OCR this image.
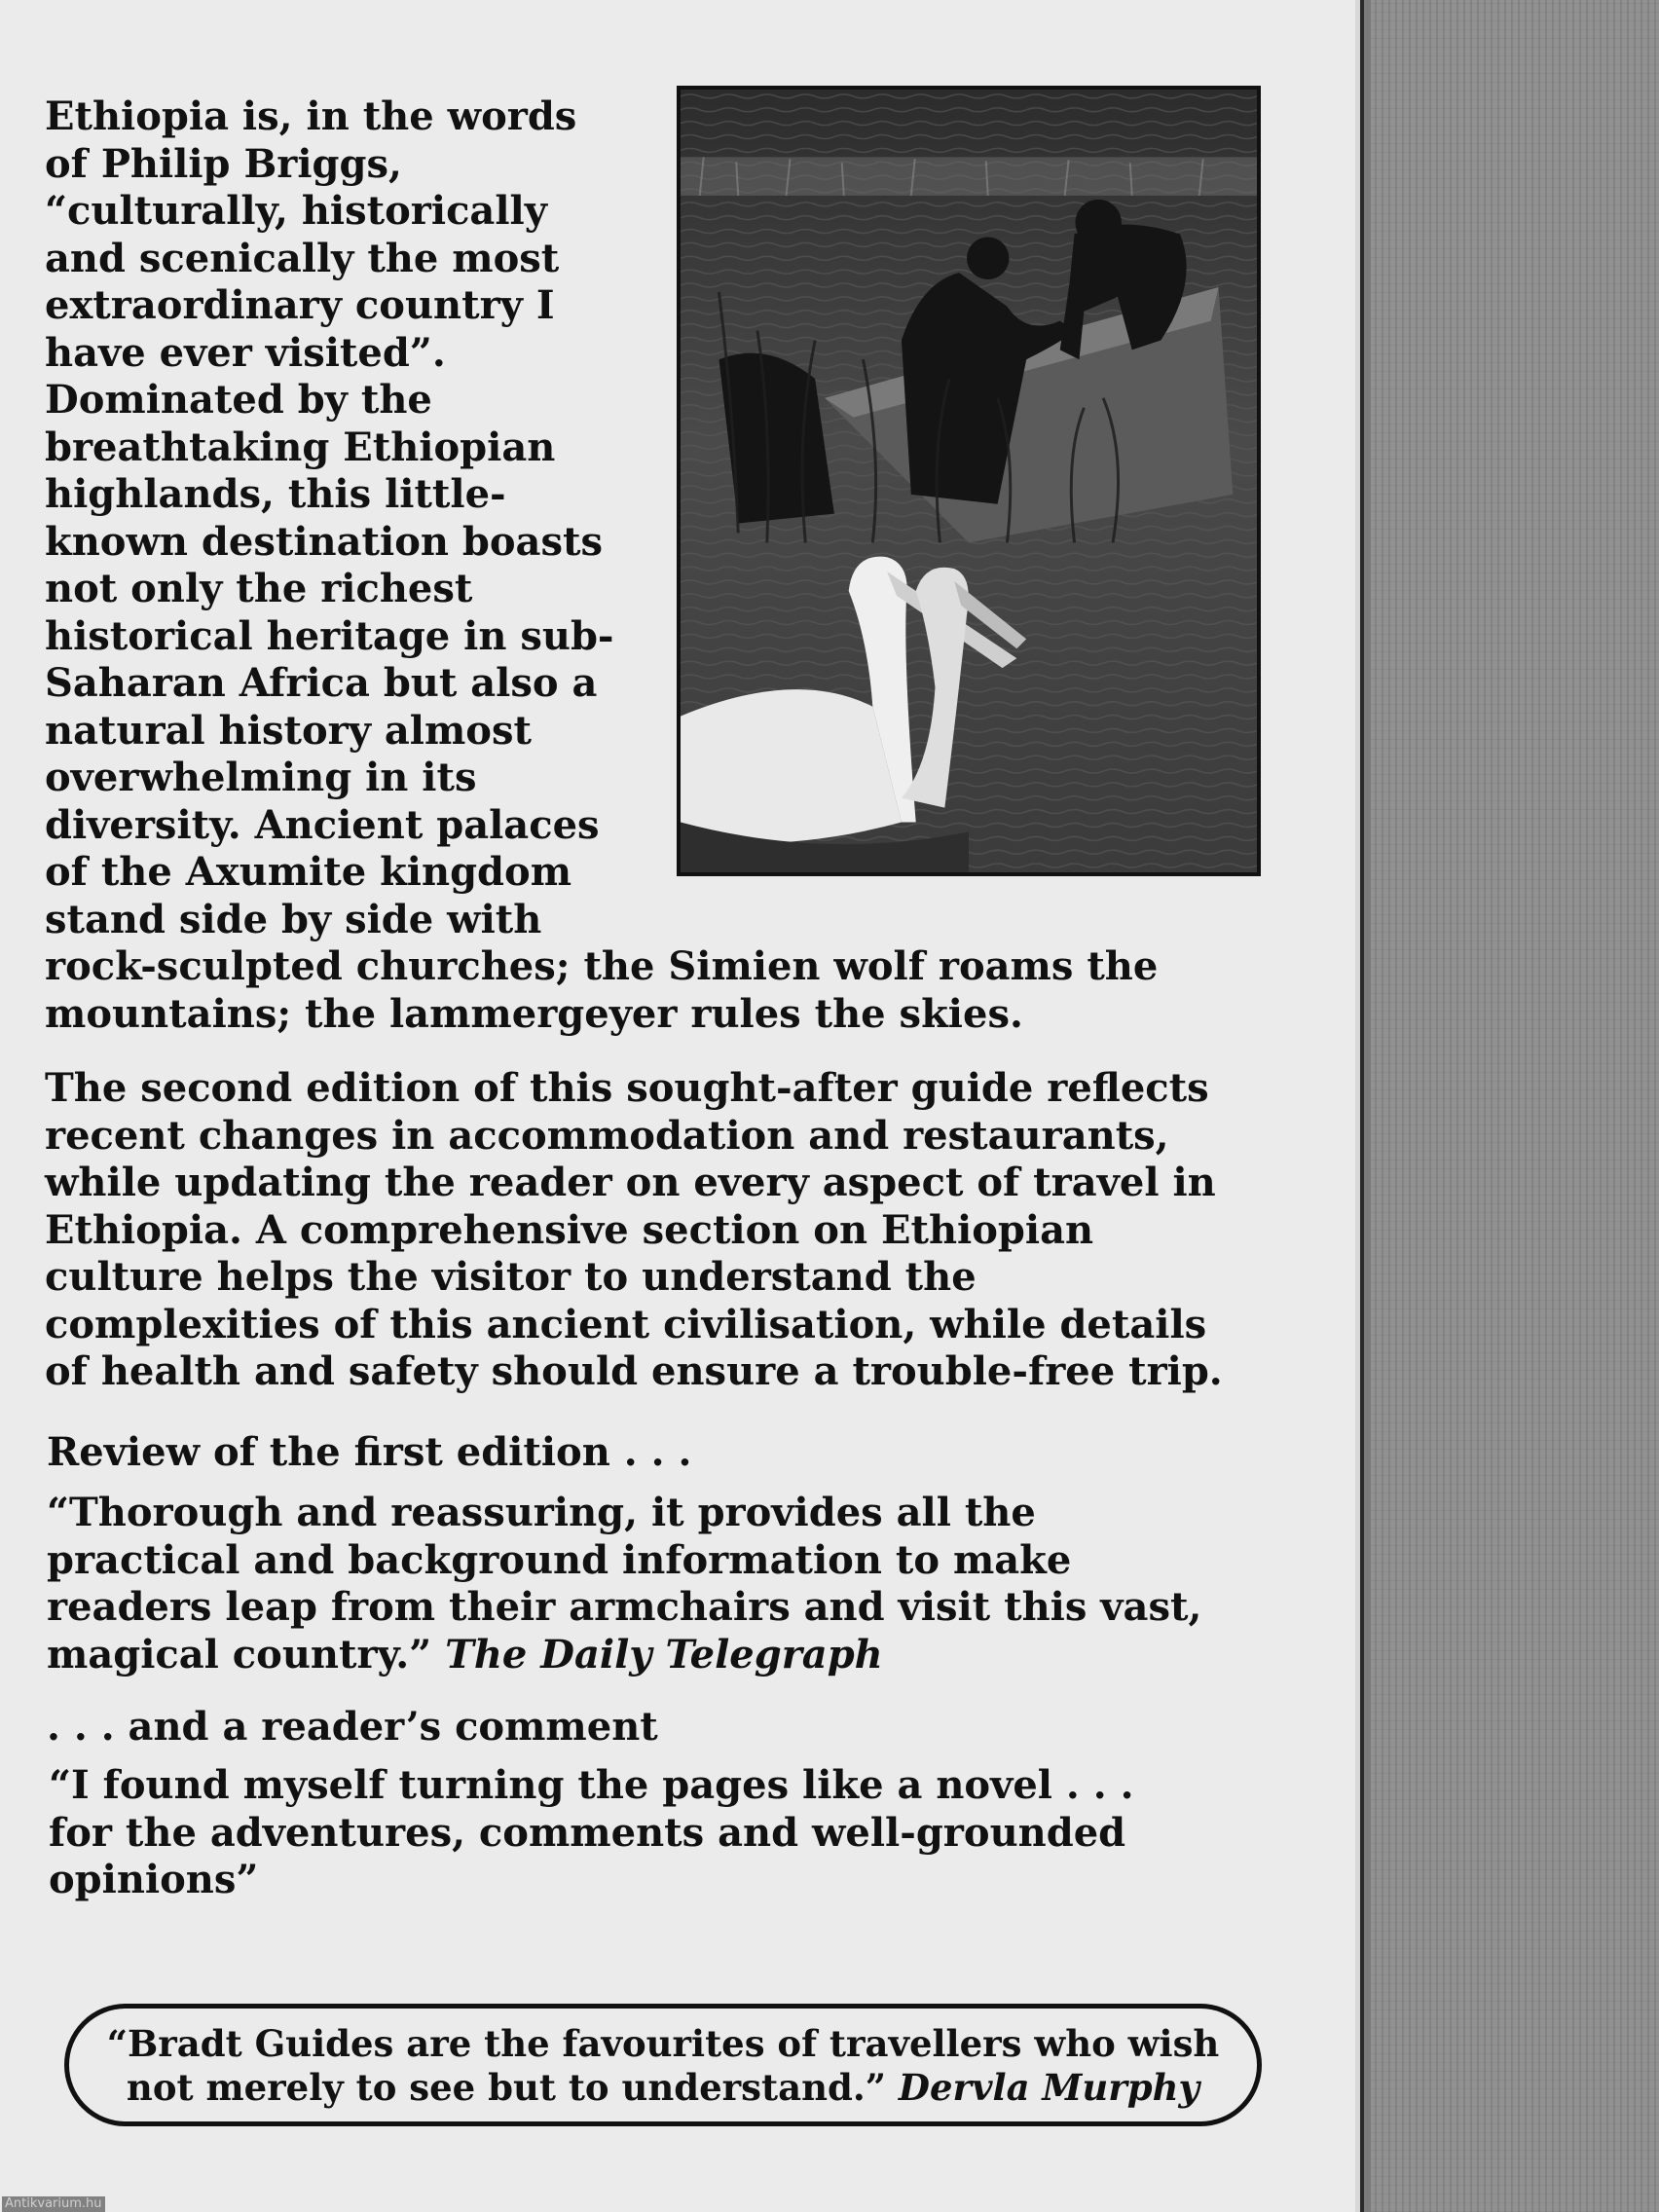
Ethiopia is, in the words
of Philip Briggs,
“culturally, historically
and scenically the most
extraordinary country I
have ever visited”.
Dominated by the
breathtaking Ethiopian
highlands, this little-
known destination boasts
not only the richest
historical heritage in sub-
Saharan Africa but also a
natural history almost
overwhelming in its
diversity. Ancient palaces
of the Axumite kingdom
stand side by side with
rock-sculpted churches; the Simien wolf roams the
mountains; the lammergeyer rules the skies.

The second edition of this sought-after guide reflects
recent changes in accommodation and restaurants,
while updating the reader on every aspect of travel in
Ethiopia. A comprehensive section on Ethiopian
culture helps the visitor to understand the
complexities of this ancient civilisation, while details
of health and safety should ensure a trouble-free trip.

Review of the first edition . . .

“Thorough and reassuring, it provides all the
practical and background information to make
readers leap from their armchairs and visit this vast,
magical country.” The Daily Telegraph

. . . and a reader’s comment

“I found myself turning the pages like a novel . . .
for the adventures, comments and well-grounded
opinions”

“Bradt Guides are the favourites of travellers who wish
not merely to see but to understand.” Dervla Murphy
Antikvarium.hu
